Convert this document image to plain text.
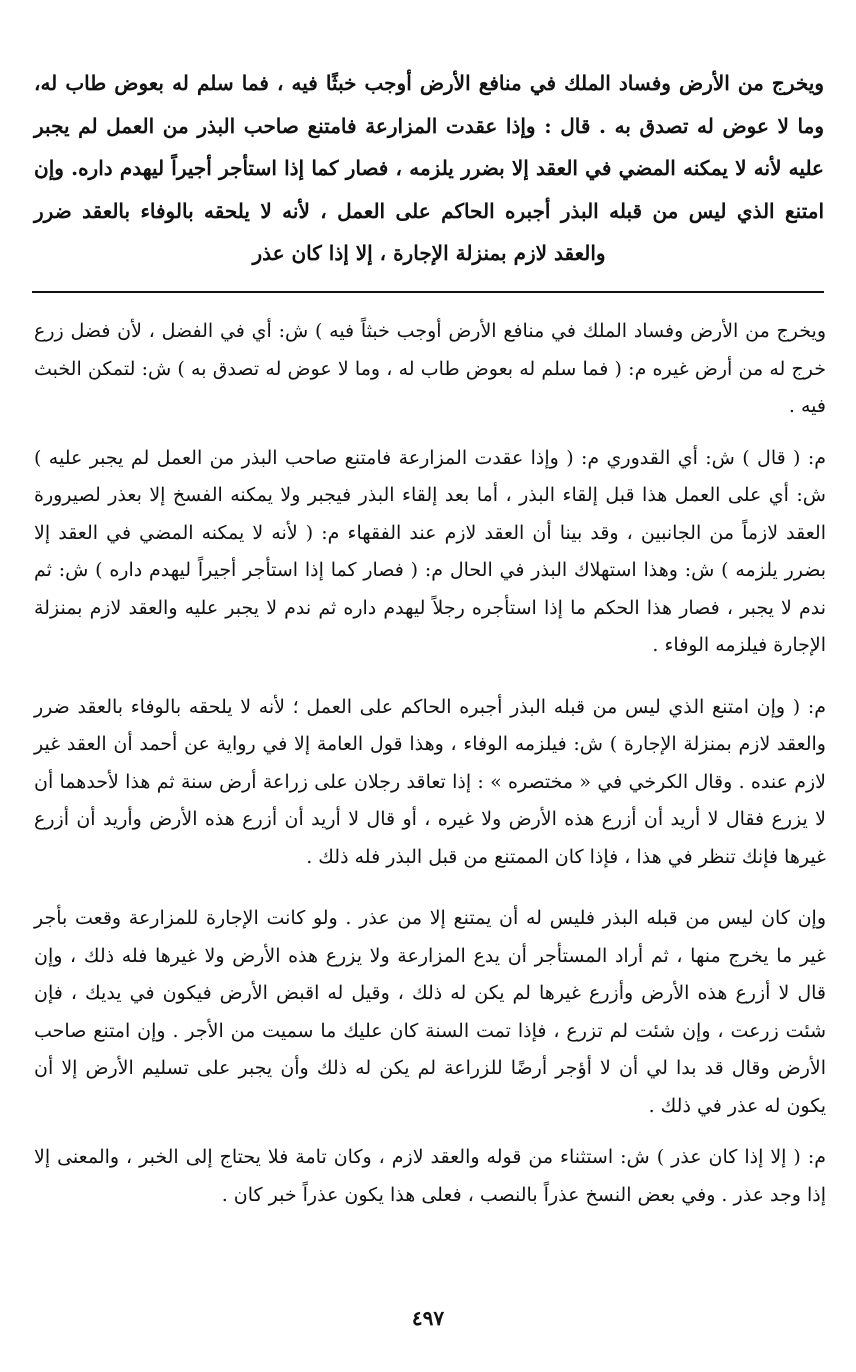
ويخرج من الأرض وفساد الملك في منافع الأرض أوجب خبثًا فيه ، فما سلم له بعوض طاب له، وما لا عوض له تصدق به . قال : وإذا عقدت المزارعة فامتنع صاحب البذر من العمل لم يجبر عليه لأنه لا يمكنه المضي في العقد إلا بضرر يلزمه ، فصار كما إذا استأجر أجيراً ليهدم داره. وإن امتنع الذي ليس من قبله البذر أجبره الحاكم على العمل ، لأنه لا يلحقه بالوفاء بالعقد ضرر والعقد لازم بمنزلة الإجارة ، إلا إذا كان عذر

ويخرج من الأرض وفساد الملك في منافع الأرض أوجب خبثاً فيه ) ش: أي في الفضل ، لأن فضل زرع خرج له من أرض غيره م: ( فما سلم له بعوض طاب له ، وما لا عوض له تصدق به ) ش: لتمكن الخبث فيه .

م: ( قال ) ش: أي القدوري م: ( وإذا عقدت المزارعة فامتنع صاحب البذر من العمل لم يجبر عليه ) ش: أي على العمل هذا قبل إلقاء البذر ، أما بعد إلقاء البذر فيجبر ولا يمكنه الفسخ إلا بعذر لصيرورة العقد لازماً من الجانبين ، وقد بينا أن العقد لازم عند الفقهاء م: ( لأنه لا يمكنه المضي في العقد إلا بضرر يلزمه ) ش: وهذا استهلاك البذر في الحال م: ( فصار كما إذا استأجر أجيراً ليهدم داره ) ش: ثم ندم لا يجبر ، فصار هذا الحكم ما إذا استأجره رجلاً ليهدم داره ثم ندم لا يجبر عليه والعقد لازم بمنزلة الإجارة فيلزمه الوفاء .

م: ( وإن امتنع الذي ليس من قبله البذر أجبره الحاكم على العمل ؛ لأنه لا يلحقه بالوفاء بالعقد ضرر والعقد لازم بمنزلة الإجارة ) ش: فيلزمه الوفاء ، وهذا قول العامة إلا في رواية عن أحمد أن العقد غير لازم عنده . وقال الكرخي في « مختصره » : إذا تعاقد رجلان على زراعة أرض سنة ثم هذا لأحدهما أن لا يزرع فقال لا أريد أن أزرع هذه الأرض ولا غيره ، أو قال لا أريد أن أزرع هذه الأرض وأريد أن أزرع غيرها فإنك تنظر في هذا ، فإذا كان الممتنع من قبل البذر فله ذلك .

وإن كان ليس من قبله البذر فليس له أن يمتنع إلا من عذر . ولو كانت الإجارة للمزارعة وقعت بأجر غير ما يخرج منها ، ثم أراد المستأجر أن يدع المزارعة ولا يزرع هذه الأرض ولا غيرها فله ذلك ، وإن قال لا أزرع هذه الأرض وأزرع غيرها لم يكن له ذلك ، وقيل له اقبض الأرض فيكون في يديك ، فإن شئت زرعت ، وإن شئت لم تزرع ، فإذا تمت السنة كان عليك ما سميت من الأجر . وإن امتنع صاحب الأرض وقال قد بدا لي أن لا أؤجر أرضًا للزراعة لم يكن له ذلك وأن يجبر على تسليم الأرض إلا أن يكون له عذر في ذلك .

م: ( إلا إذا كان عذر ) ش: استثناء من قوله والعقد لازم ، وكان تامة فلا يحتاج إلى الخبر ، والمعنى إلا إذا وجد عذر . وفي بعض النسخ عذراً بالنصب ، فعلى هذا يكون عذراً خبر كان .

٤٩٧
